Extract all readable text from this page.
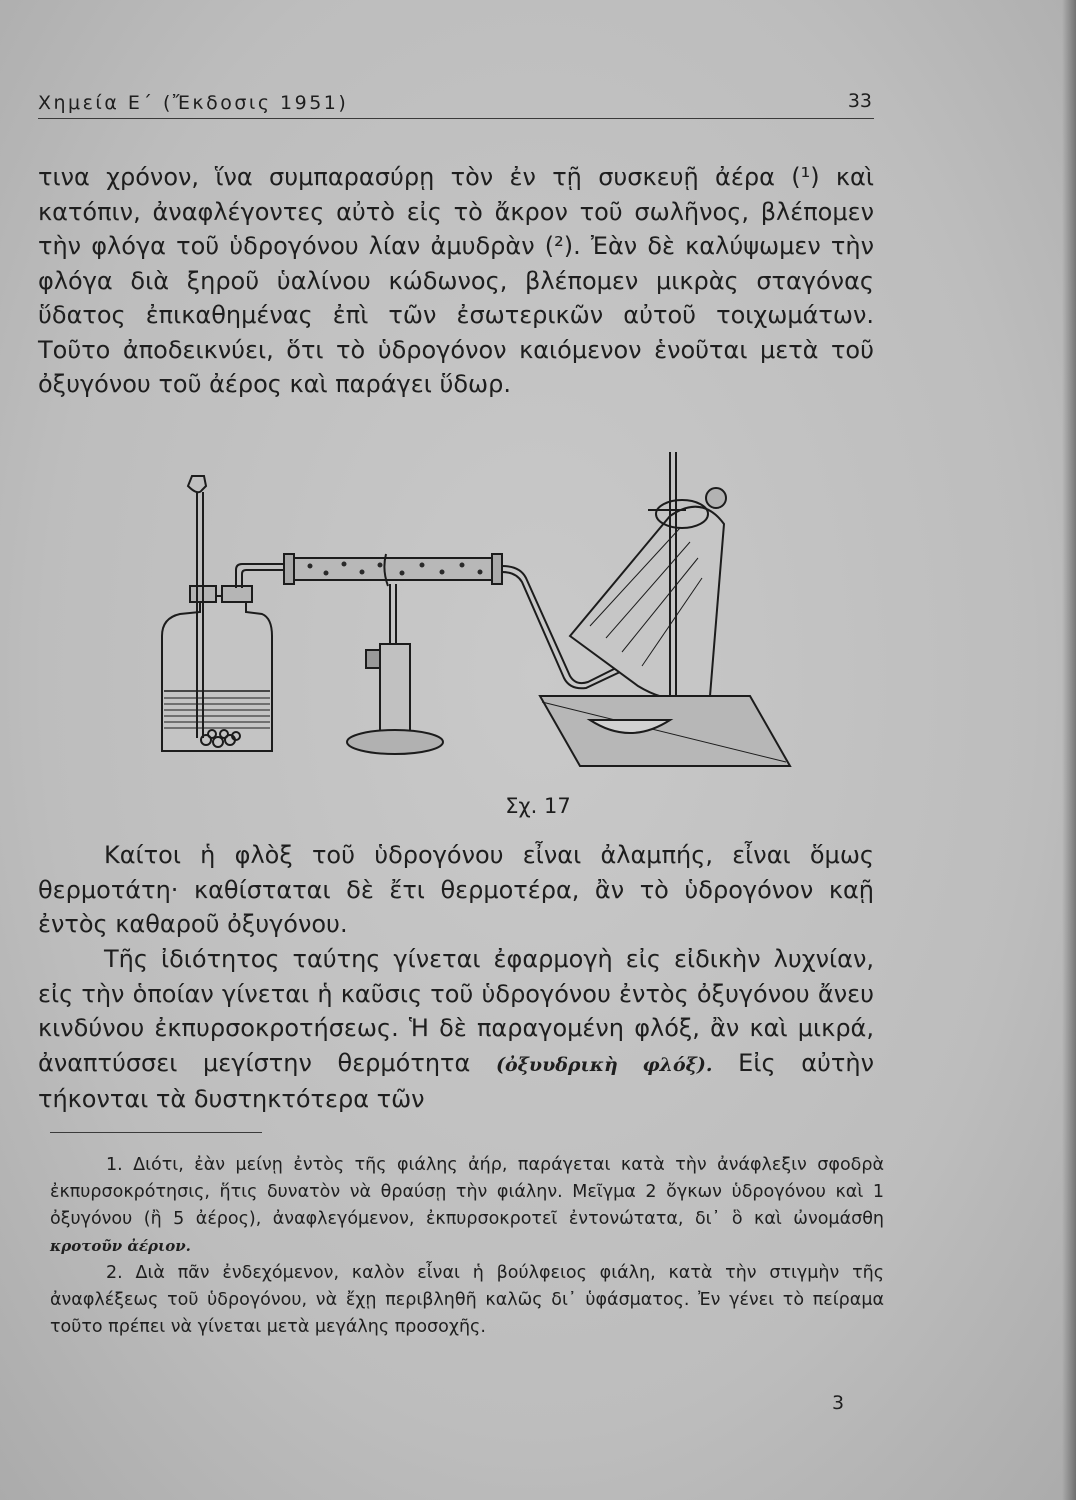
Χημεία Ε΄ (Ἔκδοσις 1951)	33

τινα χρόνον, ἵνα συμπαρασύρῃ τὸν ἐν τῇ συσκευῇ ἀέρα (¹) καὶ κατόπιν, ἀναφλέγοντες αὐτὸ εἰς τὸ ἄκρον τοῦ σωλῆνος, βλέπομεν τὴν φλόγα τοῦ ὑδρογόνου λίαν ἀμυδρὰν (²). Ἐὰν δὲ καλύψωμεν τὴν φλόγα διὰ ξηροῦ ὑαλίνου κώδωνος, βλέπομεν μικρὰς σταγόνας ὕδατος ἐπικαθημένας ἐπὶ τῶν ἐσωτερικῶν αὐτοῦ τοιχωμάτων. Τοῦτο ἀποδεικνύει, ὅτι τὸ ὑδρογόνον καιόμενον ἑνοῦται μετὰ τοῦ ὀξυγόνου τοῦ ἀέρος καὶ παράγει ὕδωρ.

Σχ. 17

Καίτοι ἡ φλὸξ τοῦ ὑδρογόνου εἶναι ἀλαμπής, εἶναι ὅμως θερμοτάτη· καθίσταται δὲ ἔτι θερμοτέρα, ἂν τὸ ὑδρογόνον καῇ ἐντὸς καθαροῦ ὀξυγόνου.

Τῆς ἰδιότητος ταύτης γίνεται ἐφαρμογὴ εἰς εἰδικὴν λυχνίαν, εἰς τὴν ὁποίαν γίνεται ἡ καῦσις τοῦ ὑδρογόνου ἐντὸς ὀξυγόνου ἄνευ κινδύνου ἐκπυρσοκροτήσεως. Ἡ δὲ παραγομένη φλόξ, ἂν καὶ μικρά, ἀναπτύσσει μεγίστην θερμότητα (ὀξυυδρικὴ φλόξ). Εἰς αὐτὴν τήκονται τὰ δυστηκτότερα τῶν

1. Διότι, ἐὰν μείνῃ ἐντὸς τῆς φιάλης ἀήρ, παράγεται κατὰ τὴν ἀνάφλεξιν σφοδρὰ ἐκπυρσοκρότησις, ἥτις δυνατὸν νὰ θραύσῃ τὴν φιάλην. Μεῖγμα 2 ὄγκων ὑδρογόνου καὶ 1 ὀξυγόνου (ἢ 5 ἀέρος), ἀναφλεγόμενον, ἐκπυρσοκροτεῖ ἐντονώτατα, δι᾿ ὃ καὶ ὠνομάσθη κροτοῦν ἀέριον.

2. Διὰ πᾶν ἐνδεχόμενον, καλὸν εἶναι ἡ βούλφειος φιάλη, κατὰ τὴν στιγμὴν τῆς ἀναφλέξεως τοῦ ὑδρογόνου, νὰ ἔχῃ περιβληθῆ καλῶς δι᾿ ὑφάσματος. Ἐν γένει τὸ πείραμα τοῦτο πρέπει νὰ γίνεται μετὰ μεγάλης προσοχῆς.

3
